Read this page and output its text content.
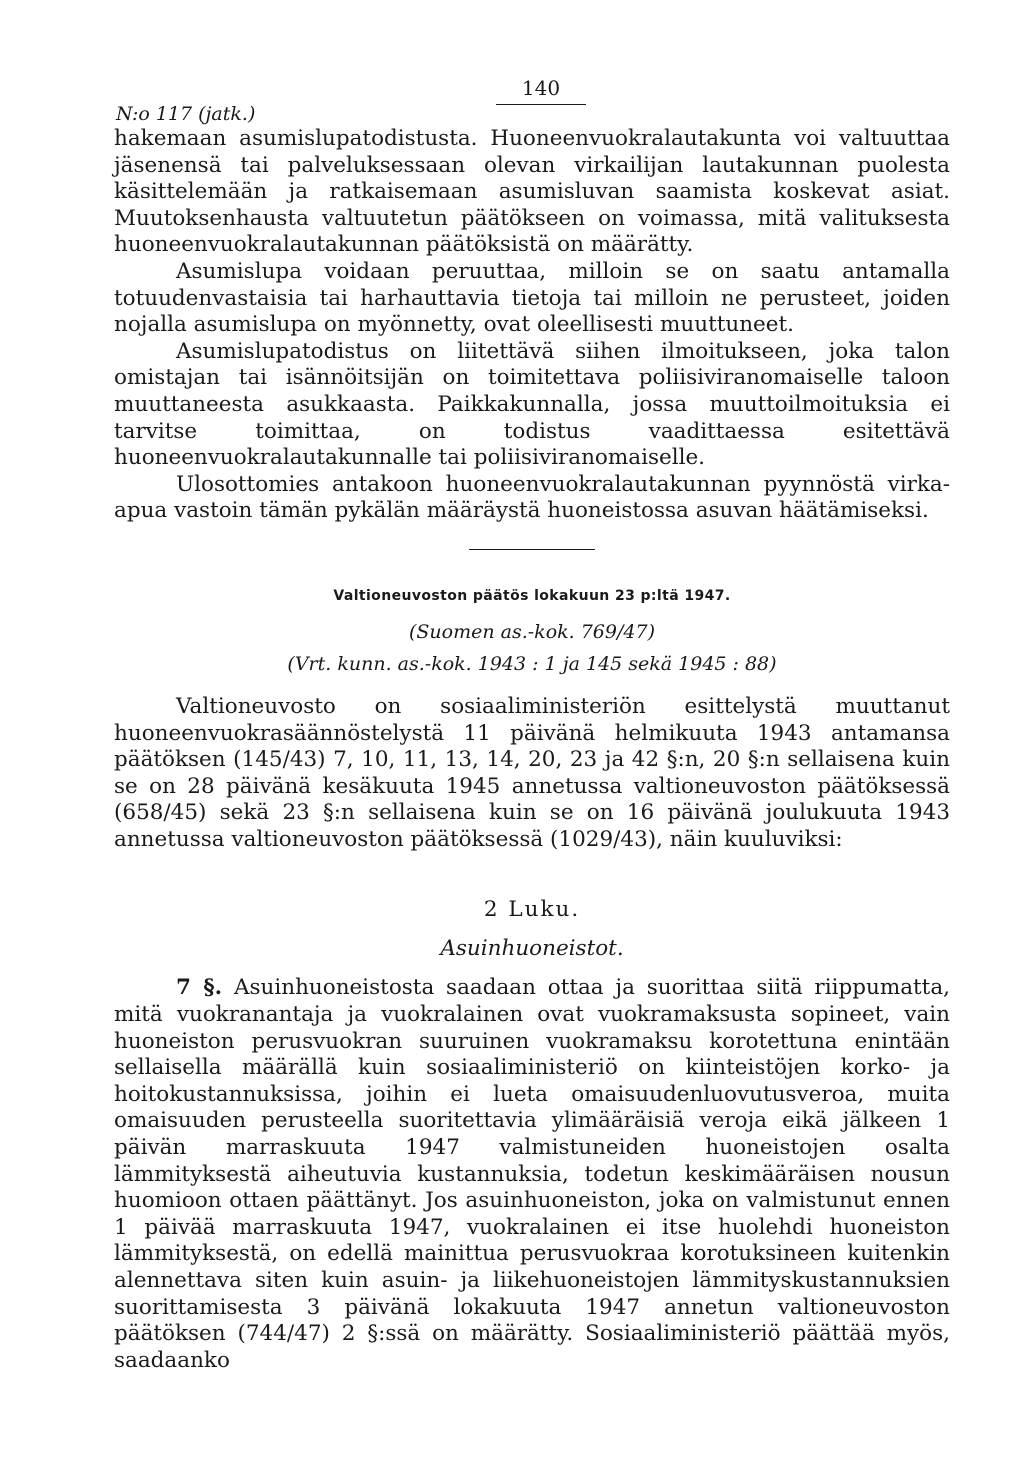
N:o 117 (jatk.)
140

hakemaan asumislupatodistusta. Huoneenvuokralautakunta voi valtuuttaa jäsenensä tai palveluksessaan olevan virkailijan lautakunnan puolesta käsittelemään ja ratkaisemaan asumisluvan saamista koskevat asiat. Muutoksenhausta valtuutetun päätökseen on voimassa, mitä valituksesta huoneenvuokralautakunnan päätöksistä on määrätty.

Asumislupa voidaan peruuttaa, milloin se on saatu antamalla totuudenvastaisia tai harhauttavia tietoja tai milloin ne perusteet, joiden nojalla asumislupa on myönnetty, ovat oleellisesti muuttuneet.

Asumislupatodistus on liitettävä siihen ilmoitukseen, joka talon omistajan tai isännöitsijän on toimitettava poliisiviranomaiselle taloon muuttaneesta asukkaasta. Paikkakunnalla, jossa muuttoilmoituksia ei tarvitse toimittaa, on todistus vaadittaessa esitettävä huoneenvuokralautakunnalle tai poliisiviranomaiselle.

Ulosottomies antakoon huoneenvuokralautakunnan pyynnöstä virka-apua vastoin tämän pykälän määräystä huoneistossa asuvan häätämiseksi.

Valtioneuvoston päätös lokakuun 23 p:ltä 1947.
(Suomen as.-kok. 769/47)
(Vrt. kunn. as.-kok. 1943 : 1 ja 145 sekä 1945 : 88)

Valtioneuvosto on sosiaaliministeriön esittelystä muuttanut huoneenvuokrasäännöstelystä 11 päivänä helmikuuta 1943 antamansa päätöksen (145/43) 7, 10, 11, 13, 14, 20, 23 ja 42 §:n, 20 §:n sellaisena kuin se on 28 päivänä kesäkuuta 1945 annetussa valtioneuvoston päätöksessä (658/45) sekä 23 §:n sellaisena kuin se on 16 päivänä joulukuuta 1943 annetussa valtioneuvoston päätöksessä (1029/43), näin kuuluviksi:

2 Luku.
Asuinhuoneistot.

7 §. Asuinhuoneistosta saadaan ottaa ja suorittaa siitä riippumatta, mitä vuokranantaja ja vuokralainen ovat vuokramaksusta sopineet, vain huoneiston perusvuokran suuruinen vuokramaksu korotettuna enintään sellaisella määrällä kuin sosiaaliministeriö on kiinteistöjen korko- ja hoitokustannuksissa, joihin ei lueta omaisuudenluovutusveroa, muita omaisuuden perusteella suoritettavia ylimääräisiä veroja eikä jälkeen 1 päivän marraskuuta 1947 valmistuneiden huoneistojen osalta lämmityksestä aiheutuvia kustannuksia, todetun keskimääräisen nousun huomioon ottaen päättänyt. Jos asuinhuoneiston, joka on valmistunut ennen 1 päivää marraskuuta 1947, vuokralainen ei itse huolehdi huoneiston lämmityksestä, on edellä mainittua perusvuokraa korotuksineen kuitenkin alennettava siten kuin asuin- ja liikehuoneistojen lämmityskustannuksien suorittamisesta 3 päivänä lokakuuta 1947 annetun valtioneuvoston päätöksen (744/47) 2 §:ssä on määrätty. Sosiaaliministeriö päättää myös, saadaanko
